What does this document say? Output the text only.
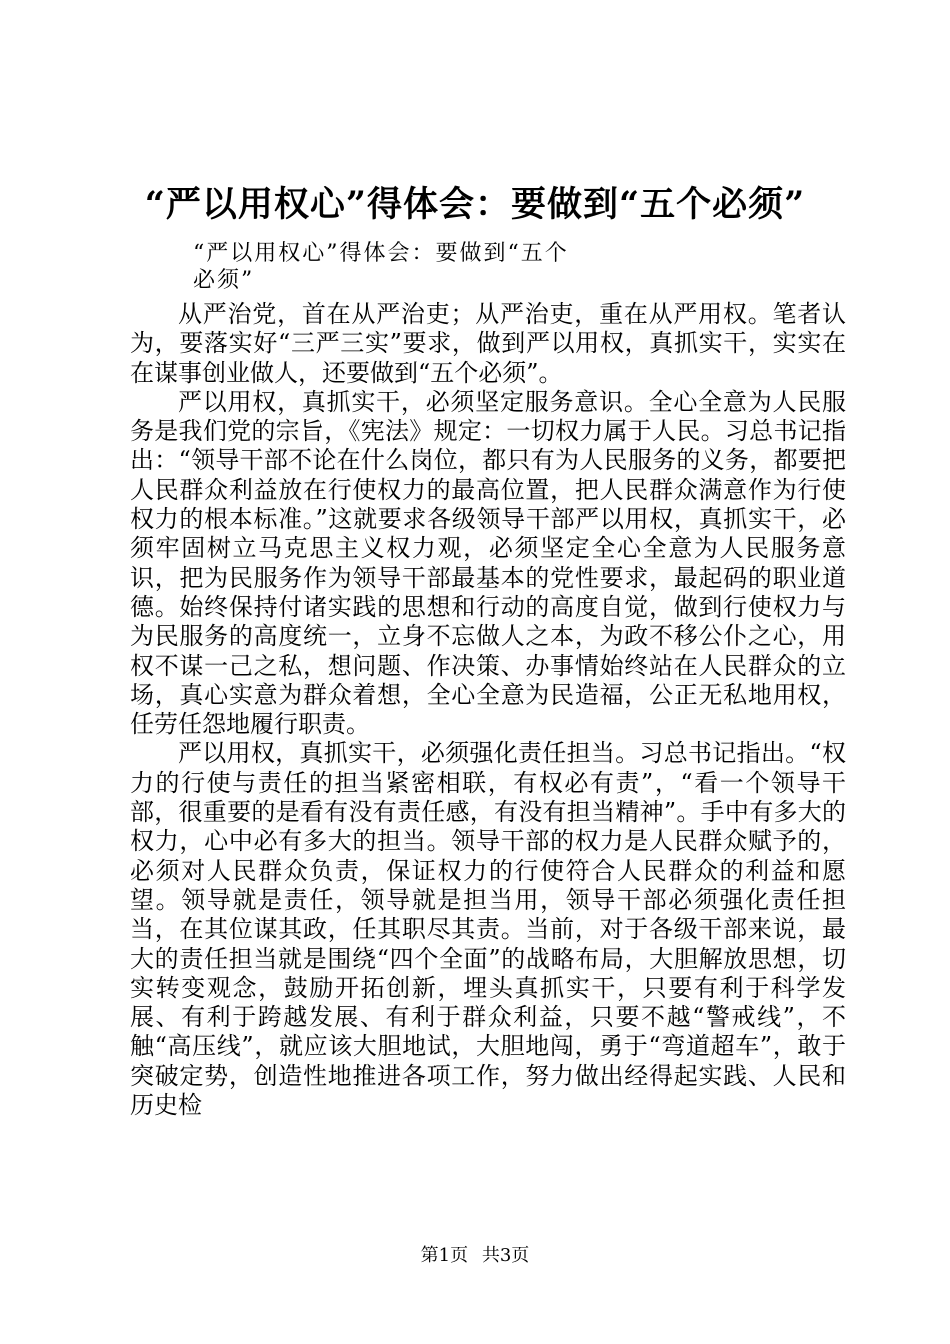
“严以用权心”得体会：要做到“五个必须”
“严以用权心”得体会：要做到“五个
必须”

从严治党，首在从严治吏；从严治吏，重在从严用权。笔者认为，要落实好“三严三实”要求，做到严以用权，真抓实干，实实在在谋事创业做人，还要做到“五个必须”。

严以用权，真抓实干，必须坚定服务意识。全心全意为人民服务是我们党的宗旨，《宪法》规定：一切权力属于人民。习总书记指出：“领导干部不论在什么岗位，都只有为人民服务的义务，都要把人民群众利益放在行使权力的最高位置，把人民群众满意作为行使权力的根本标准。”这就要求各级领导干部严以用权，真抓实干，必须牢固树立马克思主义权力观，必须坚定全心全意为人民服务意识，把为民服务作为领导干部最基本的党性要求，最起码的职业道德。始终保持付诸实践的思想和行动的高度自觉，做到行使权力与为民服务的高度统一，立身不忘做人之本，为政不移公仆之心，用权不谋一己之私，想问题、作决策、办事情始终站在人民群众的立场，真心实意为群众着想，全心全意为民造福，公正无私地用权，任劳任怨地履行职责。

严以用权，真抓实干，必须强化责任担当。习总书记指出。“权力的行使与责任的担当紧密相联，有权必有责”，“看一个领导干部，很重要的是看有没有责任感，有没有担当精神”。手中有多大的权力，心中必有多大的担当。领导干部的权力是人民群众赋予的，必须对人民群众负责，保证权力的行使符合人民群众的利益和愿望。领导就是责任，领导就是担当用，领导干部必须强化责任担当，在其位谋其政，任其职尽其责。当前，对于各级干部来说，最大的责任担当就是围绕“四个全面”的战略布局，大胆解放思想，切实转变观念，鼓励开拓创新，埋头真抓实干，只要有利于科学发展、有利于跨越发展、有利于群众利益，只要不越“警戒线”，不触“高压线”，就应该大胆地试，大胆地闯，勇于“弯道超车”，敢于突破定势，创造性地推进各项工作，努力做出经得起实践、人民和历史检

第1页 共3页
